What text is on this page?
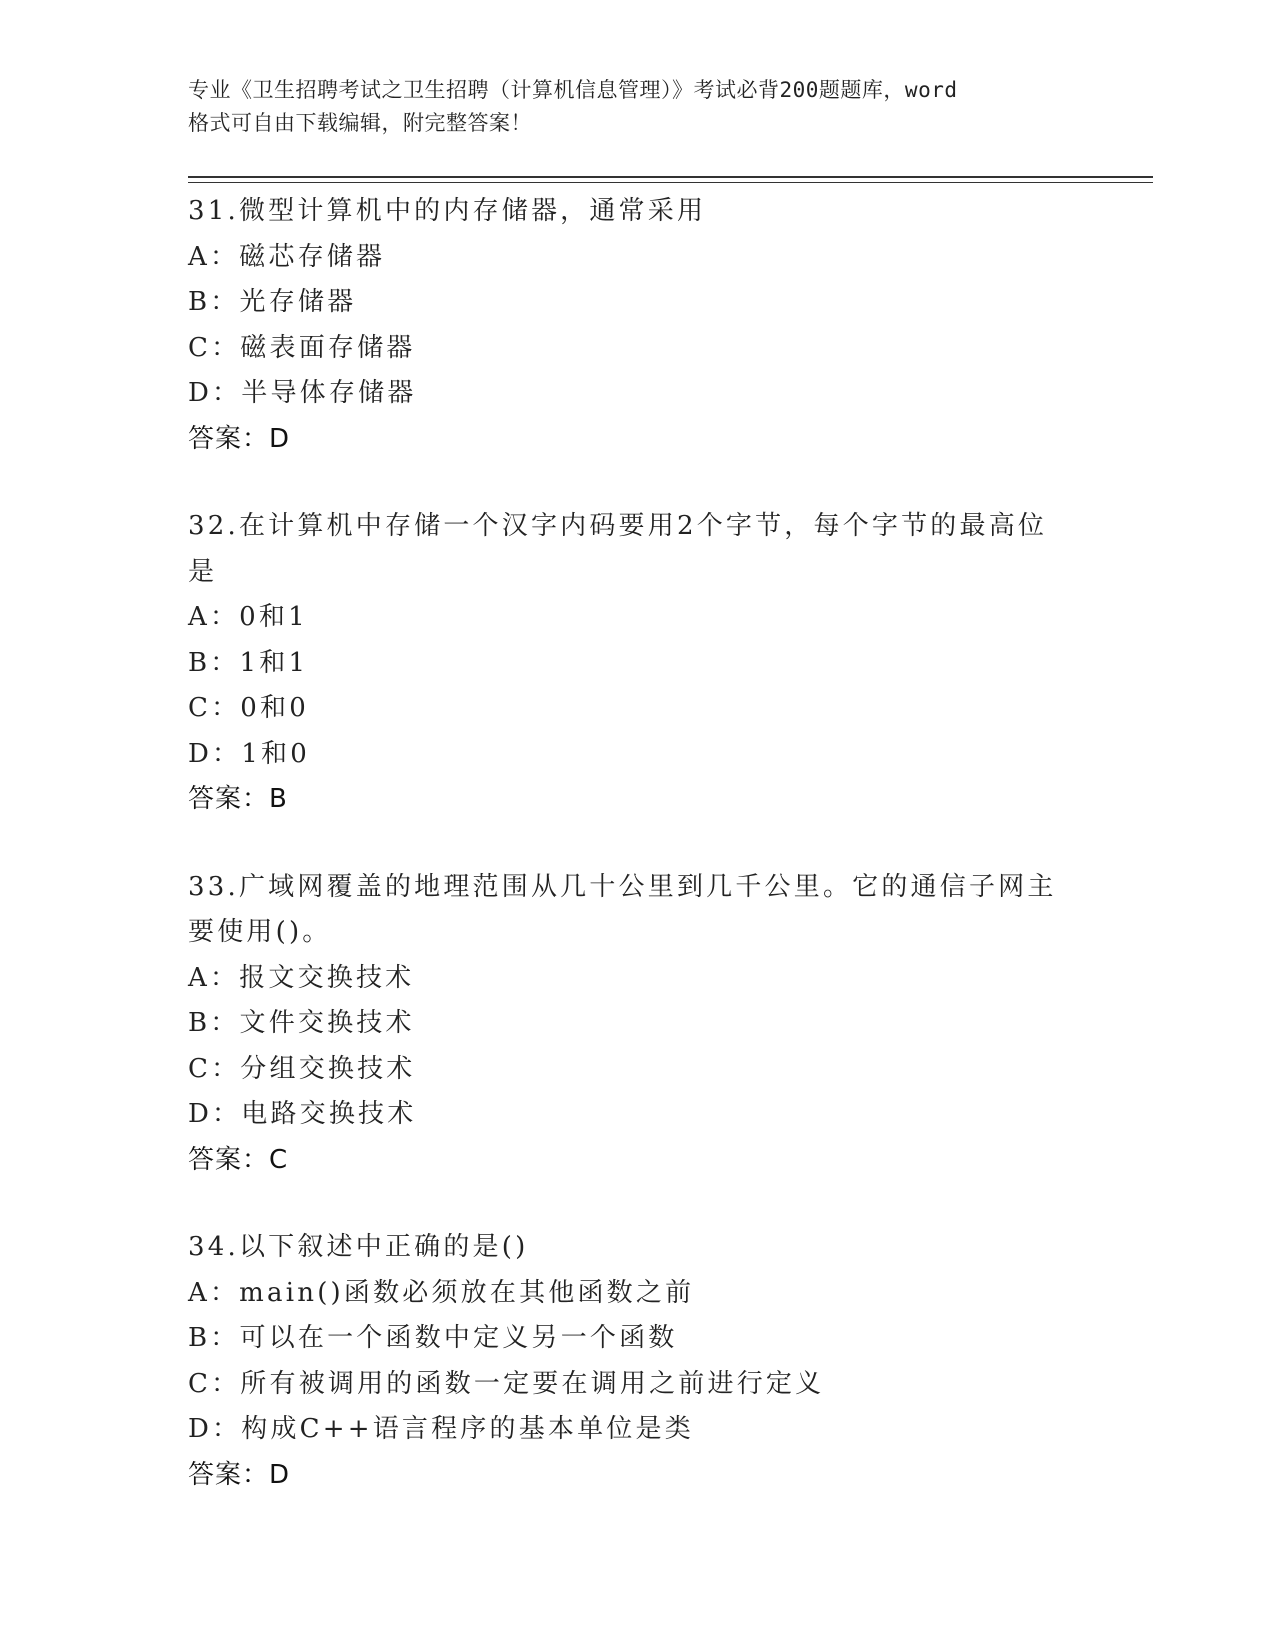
专业《卫生招聘考试之卫生招聘（计算机信息管理）》考试必背200题题库，word
格式可自由下载编辑，附完整答案！
31.微型计算机中的内存储器，通常采用
A：磁芯存储器
B：光存储器
C：磁表面存储器
D：半导体存储器
答案：D
32.在计算机中存储一个汉字内码要用2个字节，每个字节的最高位是
A：0和1
B：1和1
C：0和0
D：1和0
答案：B
33.广域网覆盖的地理范围从几十公里到几千公里。它的通信子网主要使用()。
A：报文交换技术
B：文件交换技术
C：分组交换技术
D：电路交换技术
答案：C
34.以下叙述中正确的是()
A：main()函数必须放在其他函数之前
B：可以在一个函数中定义另一个函数
C：所有被调用的函数一定要在调用之前进行定义
D：构成C++语言程序的基本单位是类
答案：D
